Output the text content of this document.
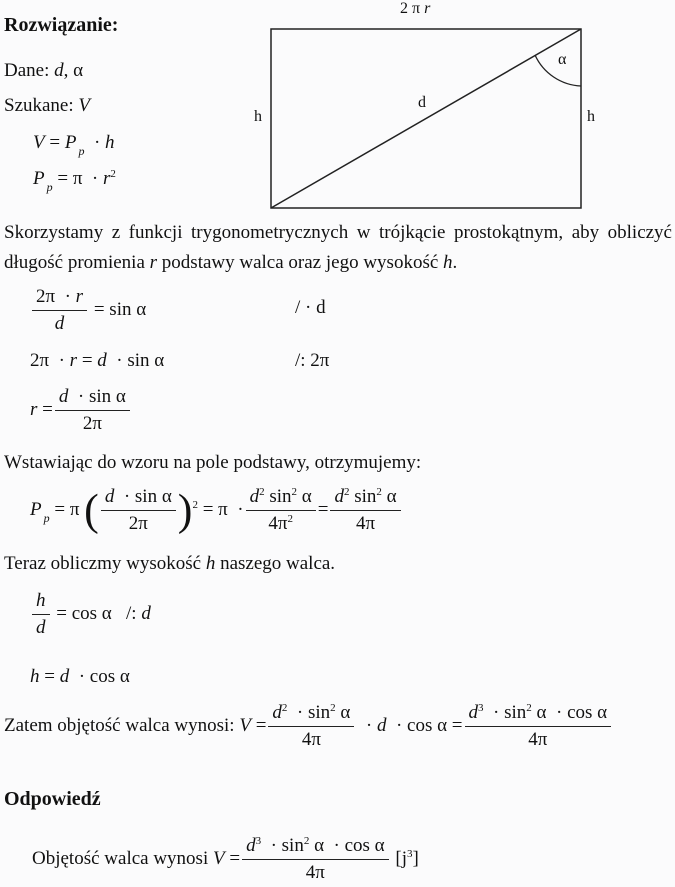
Rozwiązanie:
Dane: d, α
Szukane: V
V = P $_p$  · h
P $_p = \pi \cdot r^2$
2 π r
h	h
d
α
Skorzystamy z funkcji trygonometrycznych w trójkącie prostokątnym, aby obliczyć długość promienia r podstawy walca oraz jego wysokość h.
$\frac{2\pi \cdot r}{d} = \sin \alpha$	/ · d
2π  · r = d  · sin α	/: 2π
$r = \frac{\text{d  · sin α}}{2\pi}$
Wstawiając do wzoru na pole podstawy, otrzymujemy:
P $_p$ = π ( $\frac{\text{d  · sin α}}{2\pi} )^2 = \pi \cdot \frac{d^2 \sin^2 \alpha}{4\pi^2} = \frac{d^2 \sin^2 \alpha}{4\pi}$
Teraz obliczmy wysokość h naszego walca.
$\frac{h}{d} = \cos \alpha$   /: d
h = d  · cos α
Zatem objętość walca wynosi: $V = \frac{d^2 \cdot \sin^2 \alpha}{4\pi} \cdot d \cdot \cos \alpha = \frac{d^3 \cdot \sin^2 \alpha \cdot \cos \alpha}{4\pi}$
Odpowiedź
Objętość walca wynosi $V = \frac{d^3 \cdot \sin^2 \alpha \cdot \cos \alpha}{4\pi} [j^3]$
